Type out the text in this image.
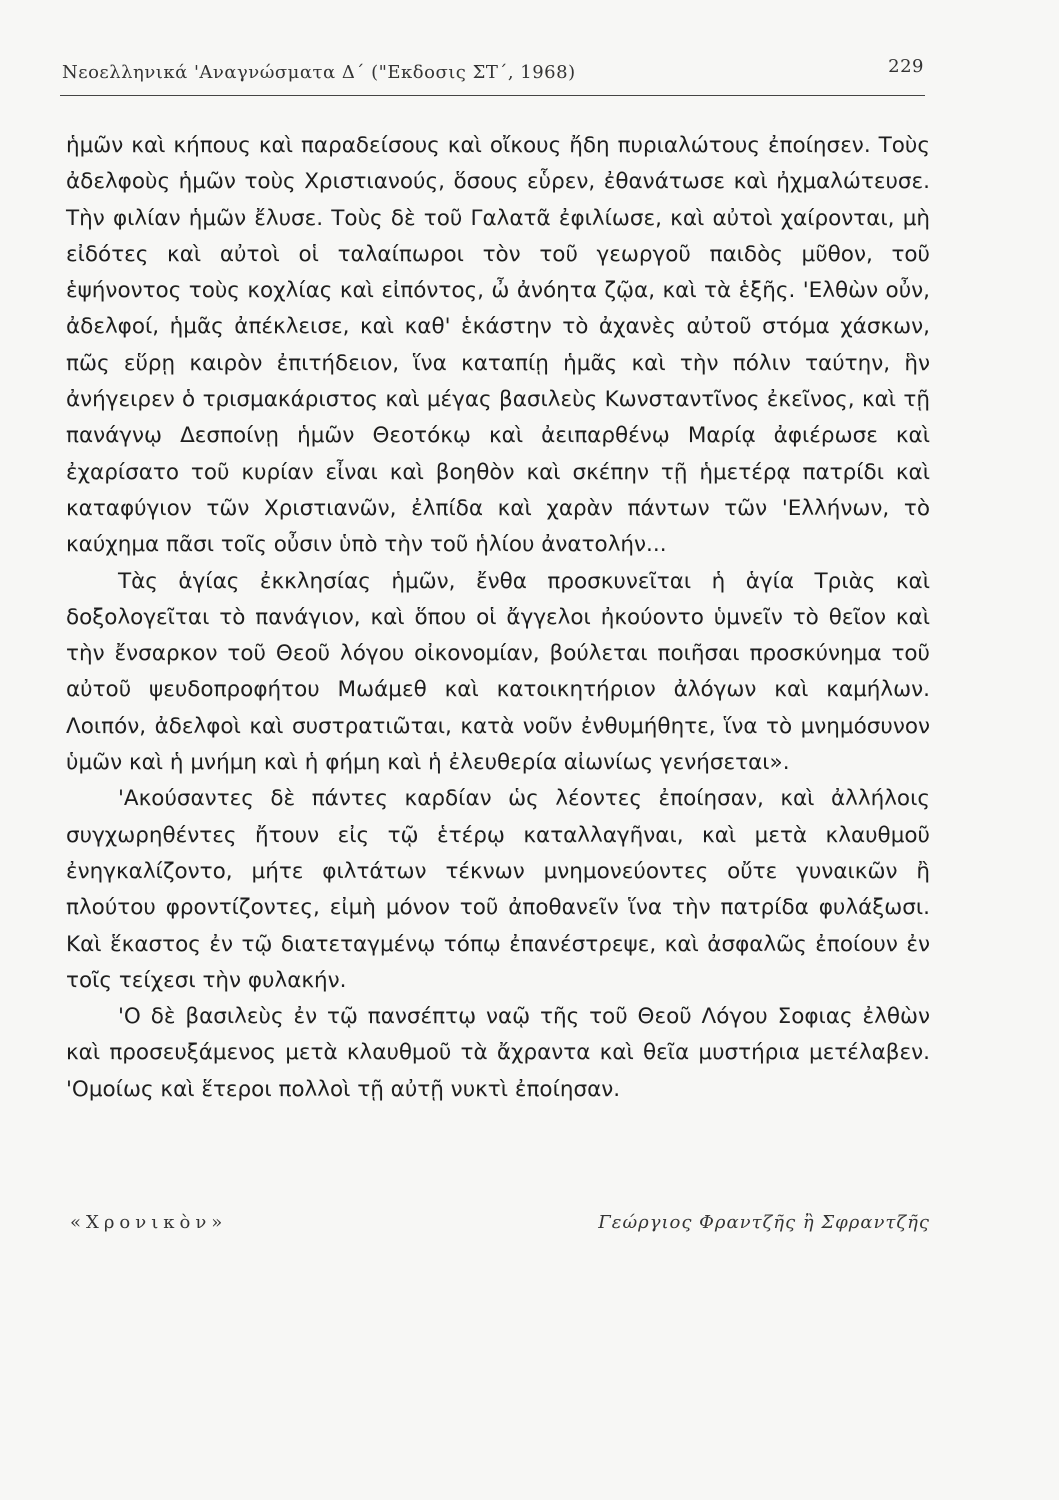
Νεοελληνικά 'Αναγνώσματα Δ΄ ("Εκδοσις ΣΤ΄, 1968)	229

ἡμῶν καὶ κήπους καὶ παραδείσους καὶ οἴκους ἤδη πυριαλώτους ἐποίησεν. Τοὺς ἀδελφοὺς ἡμῶν τοὺς Χριστιανούς, ὅσους εὗρεν, ἐθανάτωσε καὶ ἠχμαλώτευσε. Τὴν φιλίαν ἡμῶν ἔλυσε. Τοὺς δὲ τοῦ Γαλατᾶ ἐφιλίωσε, καὶ αὐτοὶ χαίρονται, μὴ εἰδότες καὶ αὐτοὶ οἱ ταλαίπωροι τὸν τοῦ γεωργοῦ παιδὸς μῦθον, τοῦ ἑψήνοντος τοὺς κοχλίας καὶ εἰπόντος, ὦ ἀνόητα ζῷα, καὶ τὰ ἑξῆς. 'Ελθὼν οὖν, ἀδελφοί, ἡμᾶς ἀπέκλεισε, καὶ καθ' ἑκάστην τὸ ἀχανὲς αὐτοῦ στόμα χάσκων, πῶς εὕρῃ καιρὸν ἐπιτήδειον, ἵνα καταπίῃ ἡμᾶς καὶ τὴν πόλιν ταύτην, ἣν ἀνήγειρεν ὁ τρισμακάριστος καὶ μέγας βασιλεὺς Κωνσταντῖνος ἐκεῖνος, καὶ τῇ πανάγνῳ Δεσποίνῃ ἡμῶν Θεοτόκῳ καὶ ἀειπαρθένῳ Μαρίᾳ ἀφιέρωσε καὶ ἐχαρίσατο τοῦ κυρίαν εἶναι καὶ βοηθὸν καὶ σκέπην τῇ ἡμετέρᾳ πατρίδι καὶ καταφύγιον τῶν Χριστιανῶν, ἐλπίδα καὶ χαρὰν πάντων τῶν 'Ελλήνων, τὸ καύχημα πᾶσι τοῖς οὖσιν ὑπὸ τὴν τοῦ ἡλίου ἀνατολήν...

Τὰς ἁγίας ἐκκλησίας ἡμῶν, ἔνθα προσκυνεῖται ἡ ἁγία Τριὰς καὶ δοξολογεῖται τὸ πανάγιον, καὶ ὅπου οἱ ἄγγελοι ἠκούοντο ὑμνεῖν τὸ θεῖον καὶ τὴν ἔνσαρκον τοῦ Θεοῦ λόγου οἰκονομίαν, βούλεται ποιῆσαι προσκύνημα τοῦ αὐτοῦ ψευδοπροφήτου Μωάμεθ καὶ κατοικητήριον ἀλόγων καὶ καμήλων. Λοιπόν, ἀδελφοὶ καὶ συστρατιῶται, κατὰ νοῦν ἐνθυμήθητε, ἵνα τὸ μνημόσυνον ὑμῶν καὶ ἡ μνήμη καὶ ἡ φήμη καὶ ἡ ἐλευθερία αἰωνίως γενήσεται».

'Ακούσαντες δὲ πάντες καρδίαν ὡς λέοντες ἐποίησαν, καὶ ἀλλήλοις συγχωρηθέντες ἤτουν εἰς τῷ ἑτέρῳ καταλλαγῆναι, καὶ μετὰ κλαυθμοῦ ἐνηγκαλίζοντο, μήτε φιλτάτων τέκνων μνημονεύοντες οὔτε γυναικῶν ἢ πλούτου φροντίζοντες, εἰμὴ μόνον τοῦ ἀποθανεῖν ἵνα τὴν πατρίδα φυλάξωσι. Καὶ ἕκαστος ἐν τῷ διατεταγμένῳ τόπῳ ἐπανέστρεψε, καὶ ἀσφαλῶς ἐποίουν ἐν τοῖς τείχεσι τὴν φυλακήν.

'Ο δὲ βασιλεὺς ἐν τῷ πανσέπτῳ ναῷ τῆς τοῦ Θεοῦ Λόγου Σοφιας ἐλθὼν καὶ προσευξάμενος μετὰ κλαυθμοῦ τὰ ἄχραντα καὶ θεῖα μυστήρια μετέλαβεν. 'Ομοίως καὶ ἕτεροι πολλοὶ τῇ αὐτῇ νυκτὶ ἐποίησαν.

«Χρονικὸν»	Γεώργιος Φραντζῆς ἢ Σφραντζῆς
